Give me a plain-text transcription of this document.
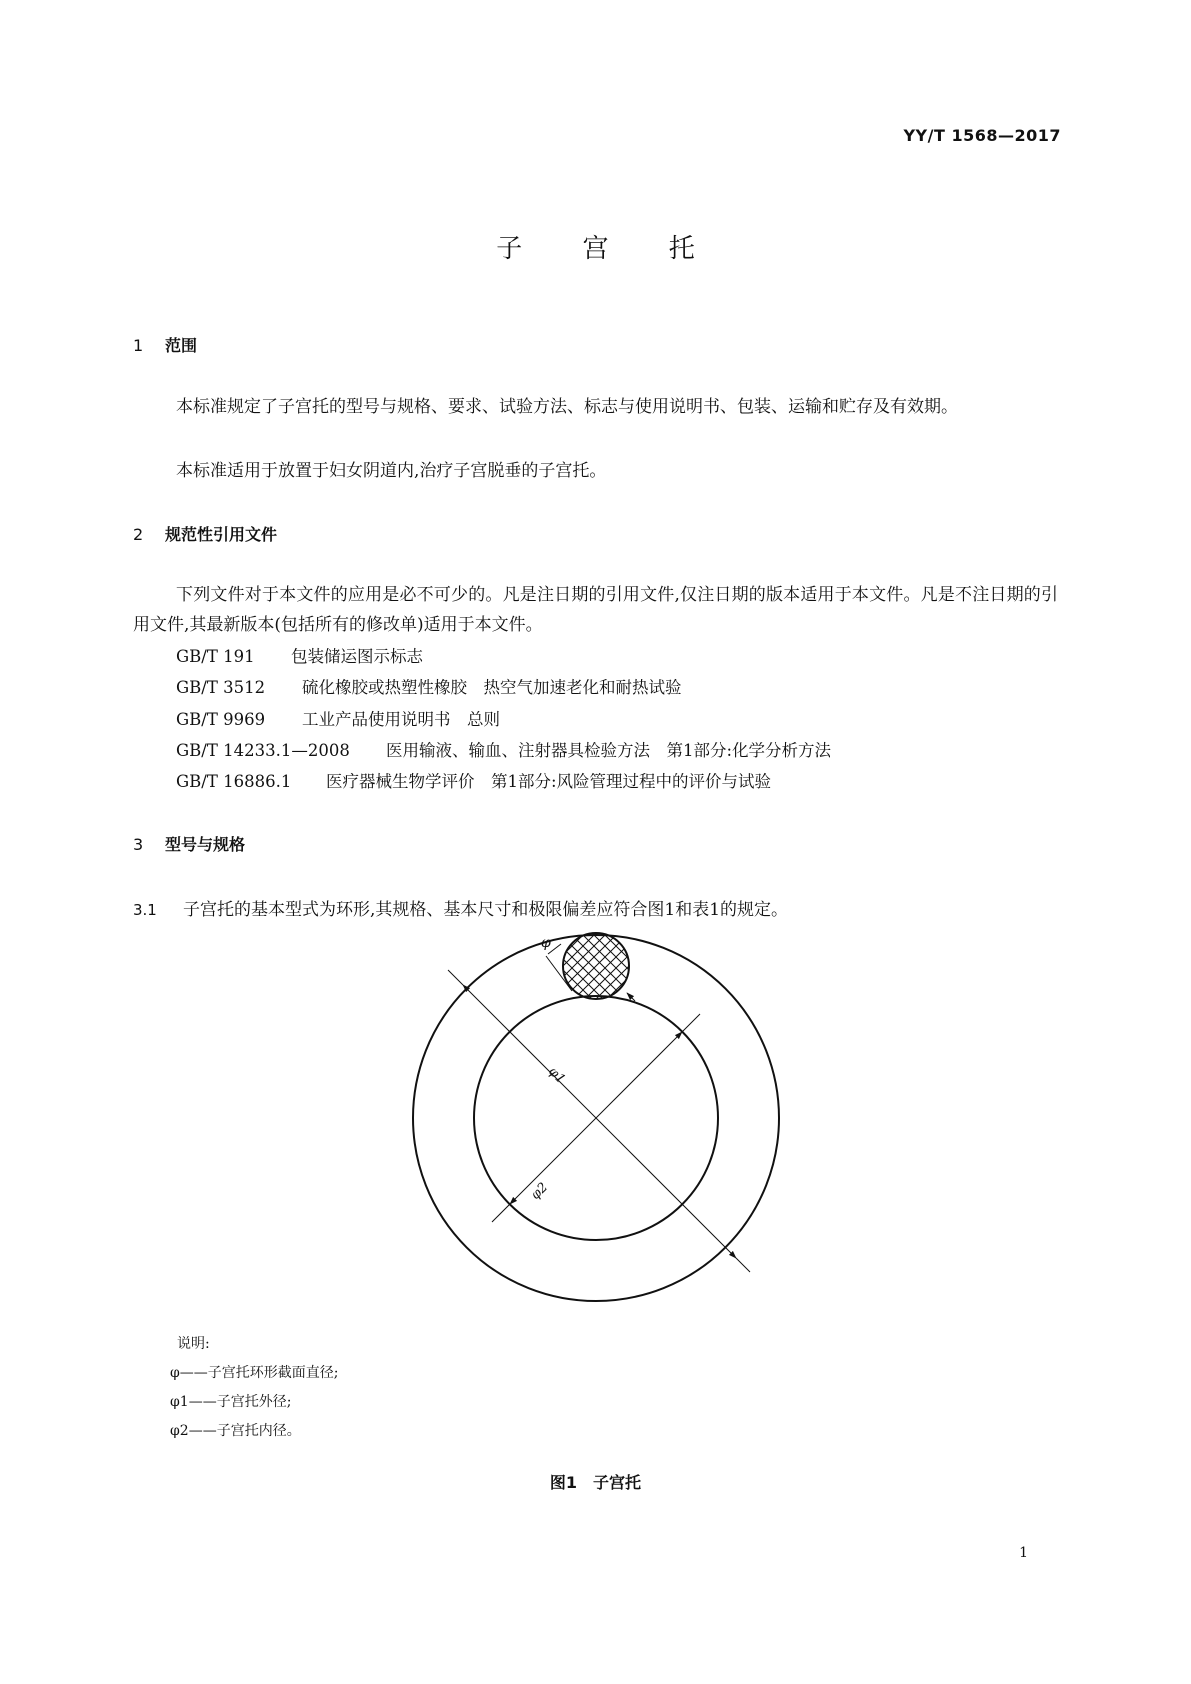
YY/T 1568—2017
子 宫 托
1 范围
本标准规定了子宫托的型号与规格、要求、试验方法、标志与使用说明书、包装、运输和贮存及有效期。
本标准适用于放置于妇女阴道内,治疗子宫脱垂的子宫托。
2 规范性引用文件
下列文件对于本文件的应用是必不可少的。凡是注日期的引用文件,仅注日期的版本适用于本文件。凡是不注日期的引用文件,其最新版本(包括所有的修改单)适用于本文件。
GB/T 191 包装储运图示标志
GB/T 3512 硫化橡胶或热塑性橡胶　热空气加速老化和耐热试验
GB/T 9969 工业产品使用说明书　总则
GB/T 14233.1—2008 医用输液、输血、注射器具检验方法　第1部分:化学分析方法
GB/T 16886.1 医疗器械生物学评价　第1部分:风险管理过程中的评价与试验
3 型号与规格
3.1 子宫托的基本型式为环形,其规格、基本尺寸和极限偏差应符合图1和表1的规定。
φ
φ1
φ2
说明:
φ——子宫托环形截面直径;
φ1——子宫托外径;
φ2——子宫托内径。
图1　子宫托
1
